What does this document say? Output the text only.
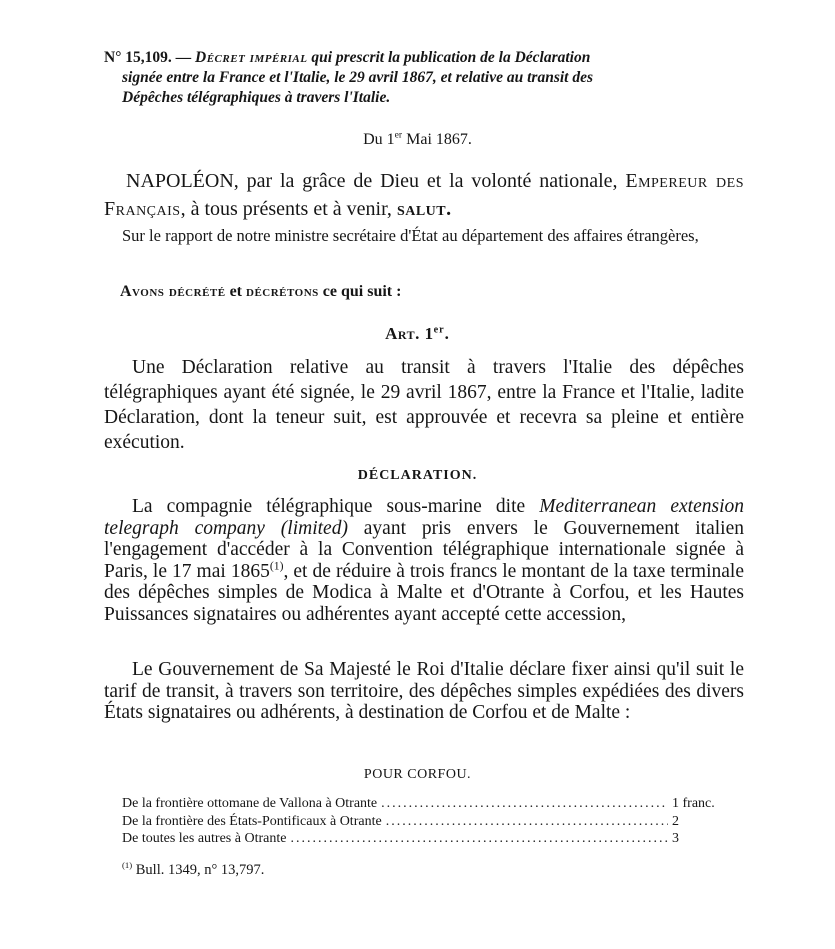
N° 15,109. — Décret impérial qui prescrit la publication de la Déclaration
signée entre la France et l'Italie, le 29 avril 1867, et relative au transit des
Dépêches télégraphiques à travers l'Italie.
Du 1er Mai 1867.
NAPOLÉON, par la grâce de Dieu et la volonté nationale, Empereur des Français, à tous présents et à venir, salut.
Sur le rapport de notre ministre secrétaire d'État au département des affaires étrangères,
Avons décrété et décrétons ce qui suit :
Art. 1er.
Une Déclaration relative au transit à travers l'Italie des dépêches télégraphiques ayant été signée, le 29 avril 1867, entre la France et l'Italie, ladite Déclaration, dont la teneur suit, est approuvée et recevra sa pleine et entière exécution.
DÉCLARATION.
La compagnie télégraphique sous-marine dite Mediterranean extension telegraph company (limited) ayant pris envers le Gouvernement italien l'engagement d'accéder à la Convention télégraphique internationale signée à Paris, le 17 mai 1865$^{(1)}$, et de réduire à trois francs le montant de la taxe terminale des dépêches simples de Modica à Malte et d'Otrante à Corfou, et les Hautes Puissances signataires ou adhérentes ayant accepté cette accession,
Le Gouvernement de Sa Majesté le Roi d'Italie déclare fixer ainsi qu'il suit le tarif de transit, à travers son territoire, des dépêches simples expédiées des divers États signataires ou adhérents, à destination de Corfou et de Malte :
POUR CORFOU.
De la frontière ottomane de Vallona à Otrante .....	1 franc.
De la frontière des États-Pontificaux à Otrante .....	2
De toutes les autres à Otrante .....	3
$^{(1)}$ Bull. 1349, n° 13,797.
